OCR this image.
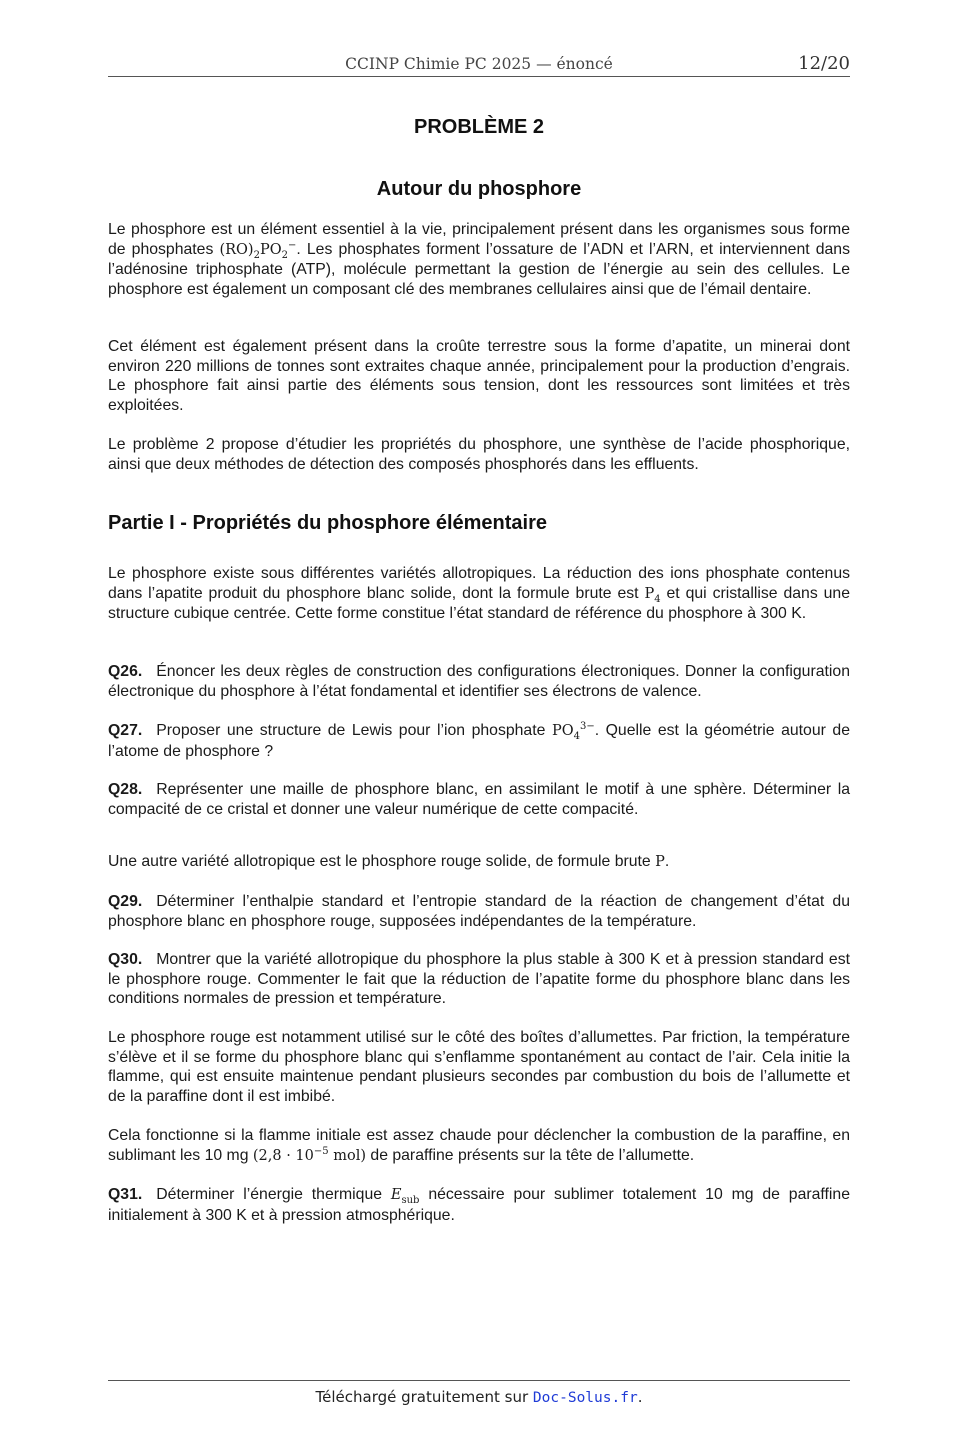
CCINP Chimie PC 2025 — énoncé	12/20
PROBLÈME 2
Autour du phosphore

Le phosphore est un élément essentiel à la vie, principalement présent dans les organismes sous forme de phosphates $(RO)_2PO_2^-$. Les phosphates forment l’ossature de l’ADN et l’ARN, et interviennent dans l’adénosine triphosphate (ATP), molécule permettant la gestion de l’énergie au sein des cellules. Le phosphore est également un composant clé des membranes cellulaires ainsi que de l’émail dentaire.

Cet élément est également présent dans la croûte terrestre sous la forme d’apatite, un minerai dont environ 220 millions de tonnes sont extraites chaque année, principalement pour la production d’engrais. Le phosphore fait ainsi partie des éléments sous tension, dont les ressources sont limitées et très exploitées.

Le problème 2 propose d’étudier les propriétés du phosphore, une synthèse de l’acide phosphorique, ainsi que deux méthodes de détection des composés phosphorés dans les effluents.

Partie I - Propriétés du phosphore élémentaire

Le phosphore existe sous différentes variétés allotropiques. La réduction des ions phosphate contenus dans l’apatite produit du phosphore blanc solide, dont la formule brute est $P_4$ et qui cristallise dans une structure cubique centrée. Cette forme constitue l’état standard de référence du phosphore à 300 K.

Q26. Énoncer les deux règles de construction des configurations électroniques. Donner la configuration électronique du phosphore à l’état fondamental et identifier ses électrons de valence.

Q27. Proposer une structure de Lewis pour l’ion phosphate $PO_4^{3-}$. Quelle est la géométrie autour de l’atome de phosphore ?

Q28. Représenter une maille de phosphore blanc, en assimilant le motif à une sphère. Déterminer la compacité de ce cristal et donner une valeur numérique de cette compacité.

Une autre variété allotropique est le phosphore rouge solide, de formule brute P.

Q29. Déterminer l’enthalpie standard et l’entropie standard de la réaction de changement d’état du phosphore blanc en phosphore rouge, supposées indépendantes de la température.

Q30. Montrer que la variété allotropique du phosphore la plus stable à 300 K et à pression standard est le phosphore rouge. Commenter le fait que la réduction de l’apatite forme du phosphore blanc dans les conditions normales de pression et température.

Le phosphore rouge est notamment utilisé sur le côté des boîtes d’allumettes. Par friction, la température s’élève et il se forme du phosphore blanc qui s’enflamme spontanément au contact de l’air. Cela initie la flamme, qui est ensuite maintenue pendant plusieurs secondes par combustion du bois de l’allumette et de la paraffine dont il est imbibé.

Cela fonctionne si la flamme initiale est assez chaude pour déclencher la combustion de la paraffine, en sublimant les 10 mg ($2,8 \cdot 10^{-5}$ mol) de paraffine présents sur la tête de l’allumette.

Q31. Déterminer l’énergie thermique $E_{sub}$ nécessaire pour sublimer totalement 10 mg de paraffine initialement à 300 K et à pression atmosphérique.

Téléchargé gratuitement sur Doc-Solus.fr.
